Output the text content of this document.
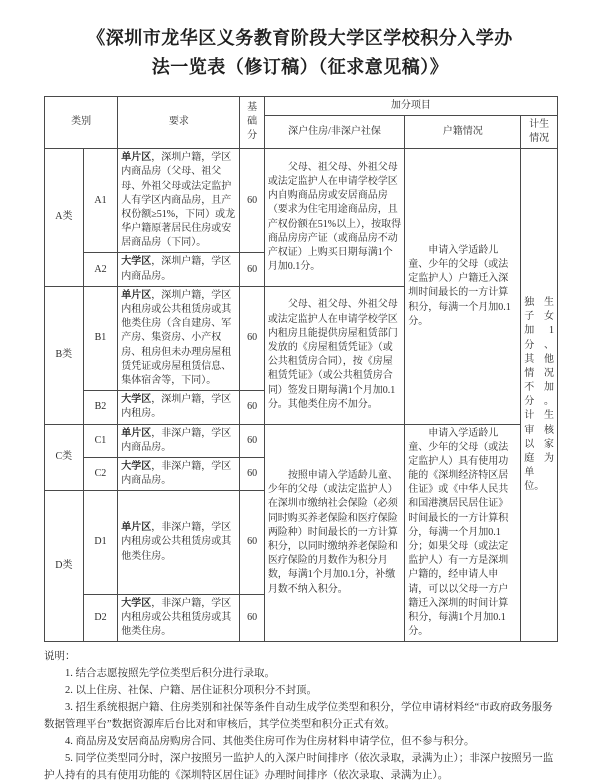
《深圳市龙华区义务教育阶段大学区学校积分入学办
法一览表（修订稿）（征求意见稿）》
类别		要求	基础分	加分项目		
				深户住房/非深户社保	户籍情况	计生情况
A类	A1	单片区，深圳户籍，学区内商品房（父母、祖父母、外祖父母或法定监护人有学区内商品房，且产权份额≥51%，下同）或龙华户籍原著居民住房或安居商品房（下同）。	60	父母、祖父母、外祖父母或法定监护人在申请学校学区内自购商品房或安居商品房（要求为住宅用途商品房，且产权份额在51%以上），按取得商品房房产证（或商品房不动产权证）上购买日期每满1个月加0.1分。	申请入学适龄儿童、少年的父母（或法定监护人）户籍迁入深圳时间最长的一方计算积分，每满一个月加0.1分。	独生子女加1分、其他情况不加分。计生审核以家庭为单位。
	A2	大学区，深圳户籍，学区内商品房。	60			
B类	B1	单片区，深圳户籍，学区内租房或公共租赁房或其他类住房（含自建房、军产房、集资房、小产权房、租房但未办理房屋租赁凭证或房屋租赁信息、集体宿舍等，下同）。	60	父母、祖父母、外祖父母或法定监护人在申请学校学区内租房且能提供房屋租赁部门发放的《房屋租赁凭证》（或公共租赁房合同），按《房屋租赁凭证》（或公共租赁房合同）签发日期每满1个月加0.1分。其他类住房不加分。		
	B2	大学区，深圳户籍，学区内租房。	60			
C类	C1	单片区，非深户籍，学区内商品房。	60	按照申请入学适龄儿童、少年的父母（或法定监护人）在深圳市缴纳社会保险（必须同时购买养老保险和医疗保险两险种）时间最长的一方计算积分，以同时缴纳养老保险和医疗保险的月数作为积分月数，每满1个月加0.1分，补缴月数不纳入积分。	申请入学适龄儿童、少年的父母（或法定监护人）具有使用功能的《深圳经济特区居住证》或《中华人民共和国港澳居民居住证》时间最长的一方计算积分，每满一个月加0.1分；如果父母（或法定监护人）有一方是深圳户籍的，经申请人申请，可以以父母一方户籍迁入深圳的时间计算积分，每满1个月加0.1分。	
	C2	大学区，非深户籍，学区内商品房。	60			
D类	D1	单片区，非深户籍，学区内租房或公共租赁房或其他类住房。	60			
	D2	大学区，非深户籍，学区内租房或公共租赁房或其他类住房。	60			

说明：

1. 结合志愿按照先学位类型后积分进行录取。

2. 以上住房、社保、户籍、居住证积分项积分不封顶。

3. 招生系统根据户籍、住房类别和社保等条件自动生成学位类型和积分，学位申请材料经“市政府政务服务数据管理平台”数据资源库后台比对和审核后，其学位类型和积分正式有效。

4. 商品房及安居商品房购房合同、其他类住房可作为住房材料申请学位，但不参与积分。

5. 同学位类型同分时，深户按照另一监护人的入深户时间排序（依次录取，录满为止）；非深户按照另一监护人持有的具有使用功能的《深圳特区居住证》办理时间排序（依次录取、录满为止）。
